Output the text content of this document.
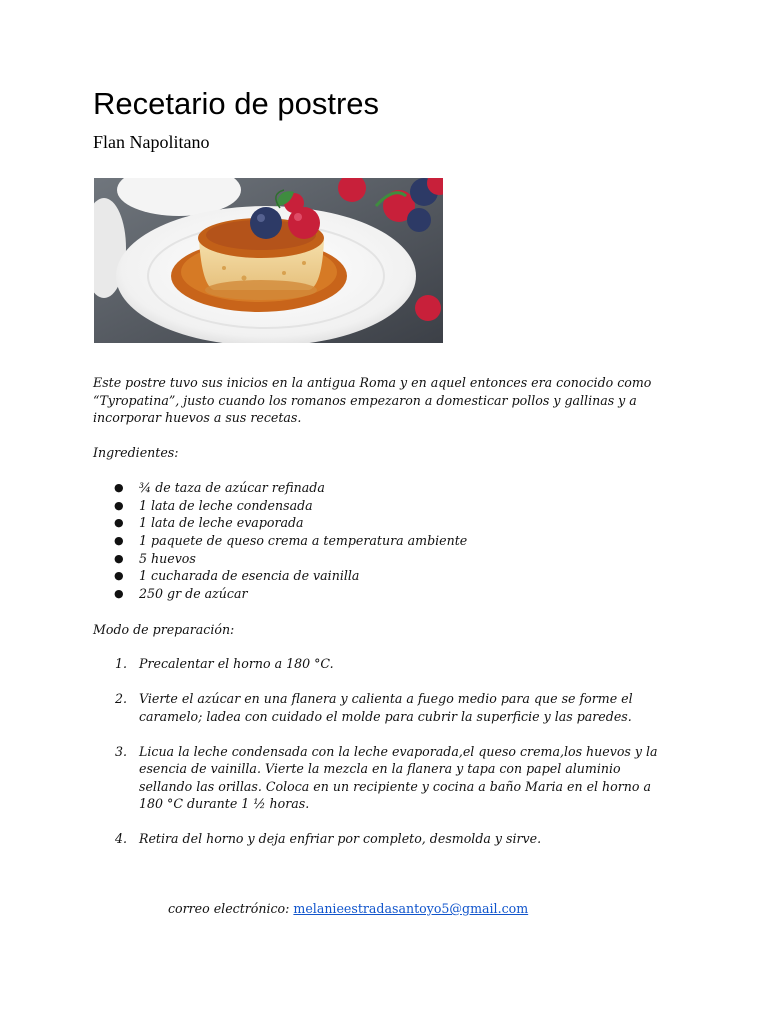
Recetario de postres
Flan Napolitano

Este postre tuvo sus inicios en la antigua Roma y en aquel entonces era conocido como “Tyropatina”, justo cuando los romanos empezaron a domesticar pollos y gallinas y a incorporar huevos a sus recetas.

Ingredientes:

● ¾ de taza de azúcar refinada
● 1 lata de leche condensada
● 1 lata de leche evaporada
● 1 paquete de queso crema a temperatura ambiente
● 5 huevos
● 1 cucharada de esencia de vainilla
● 250 gr de azúcar

Modo de preparación:

1. Precalentar el horno a 180 °C.
2. Vierte el azúcar en una flanera y calienta a fuego medio para que se forme el caramelo; ladea con cuidado el molde para cubrir la superficie y las paredes.
3. Licua la leche condensada con la leche evaporada,el queso crema,los huevos y la esencia de vainilla. Vierte la mezcla en la flanera y tapa con papel aluminio sellando las orillas. Coloca en un recipiente y cocina a baño Maria en el horno a 180 °C durante 1 ½ horas.
4. Retira del horno y deja enfriar por completo, desmolda y sirve.
correo electrónico: melanieestradasantoyo5@gmail.com
